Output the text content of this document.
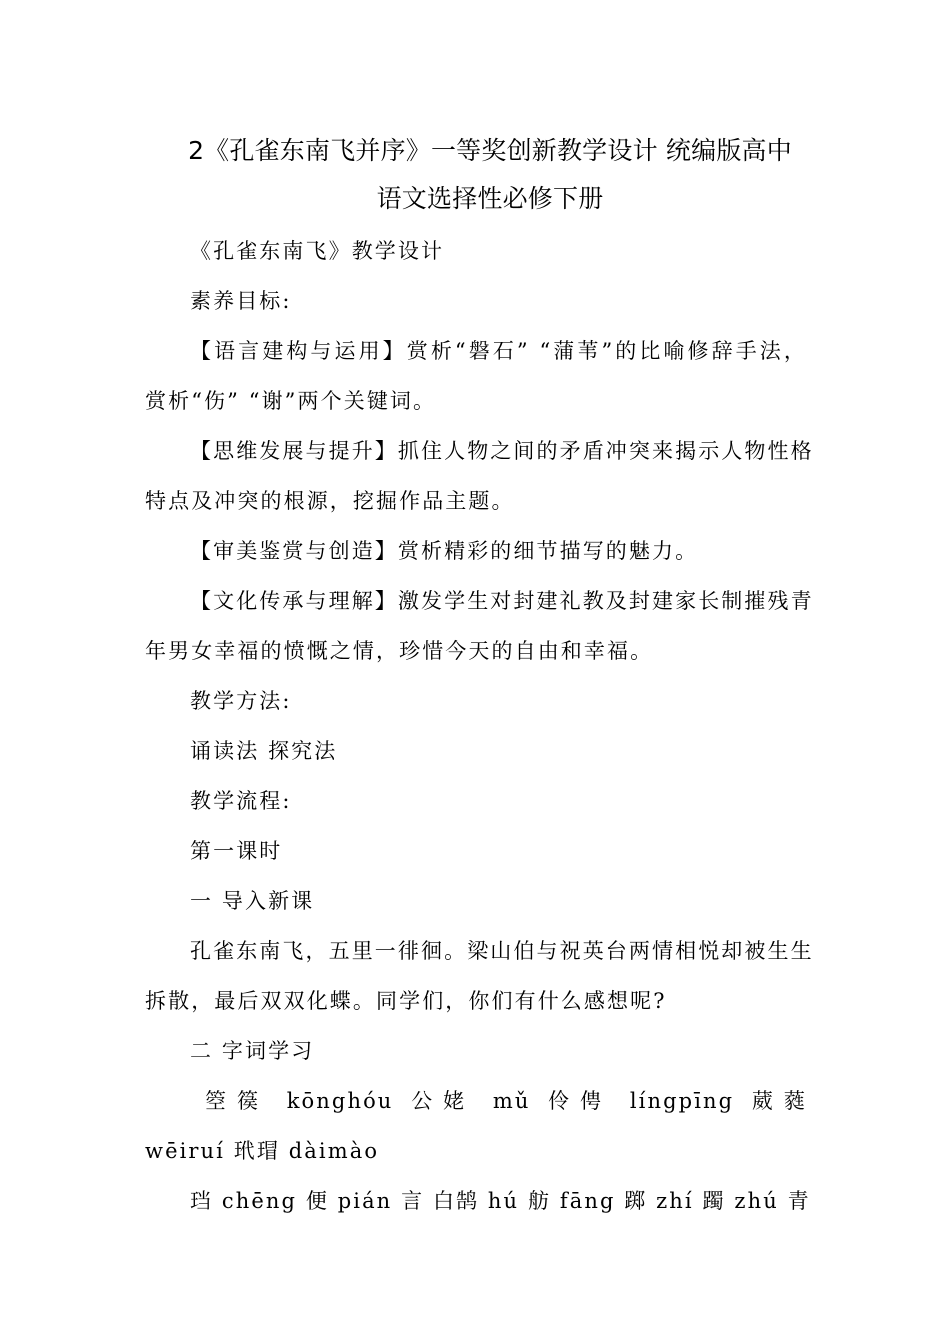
2《孔雀东南飞并序》一等奖创新教学设计 统编版高中
语文选择性必修下册
《孔雀东南飞》教学设计
素养目标:
【语言建构与运用】赏析“磐石” “蒲苇”的比喻修辞手法，
赏析“伤” “谢”两个关键词。
【思维发展与提升】抓住人物之间的矛盾冲突来揭示人物性格
特点及冲突的根源，挖掘作品主题。
【审美鉴赏与创造】赏析精彩的细节描写的魅力。
【文化传承与理解】激发学生对封建礼教及封建家长制摧残青
年男女幸福的愤慨之情，珍惜今天的自由和幸福。
教学方法:
诵读法 探究法
教学流程:
第一课时
一 导入新课
孔雀东南飞，五里一徘徊。梁山伯与祝英台两情相悦却被生生
拆散，最后双双化蝶。同学们，你们有什么感想呢?
二 字词学习
箜篌 kōnghóu 公姥 mǔ 伶俜 língpīng 葳蕤
wēiruí 玳瑁 dàimào
珰 chēng 便 pián 言 白鹄 hú 舫 fāng 踯 zhí 躅 zhú 青
